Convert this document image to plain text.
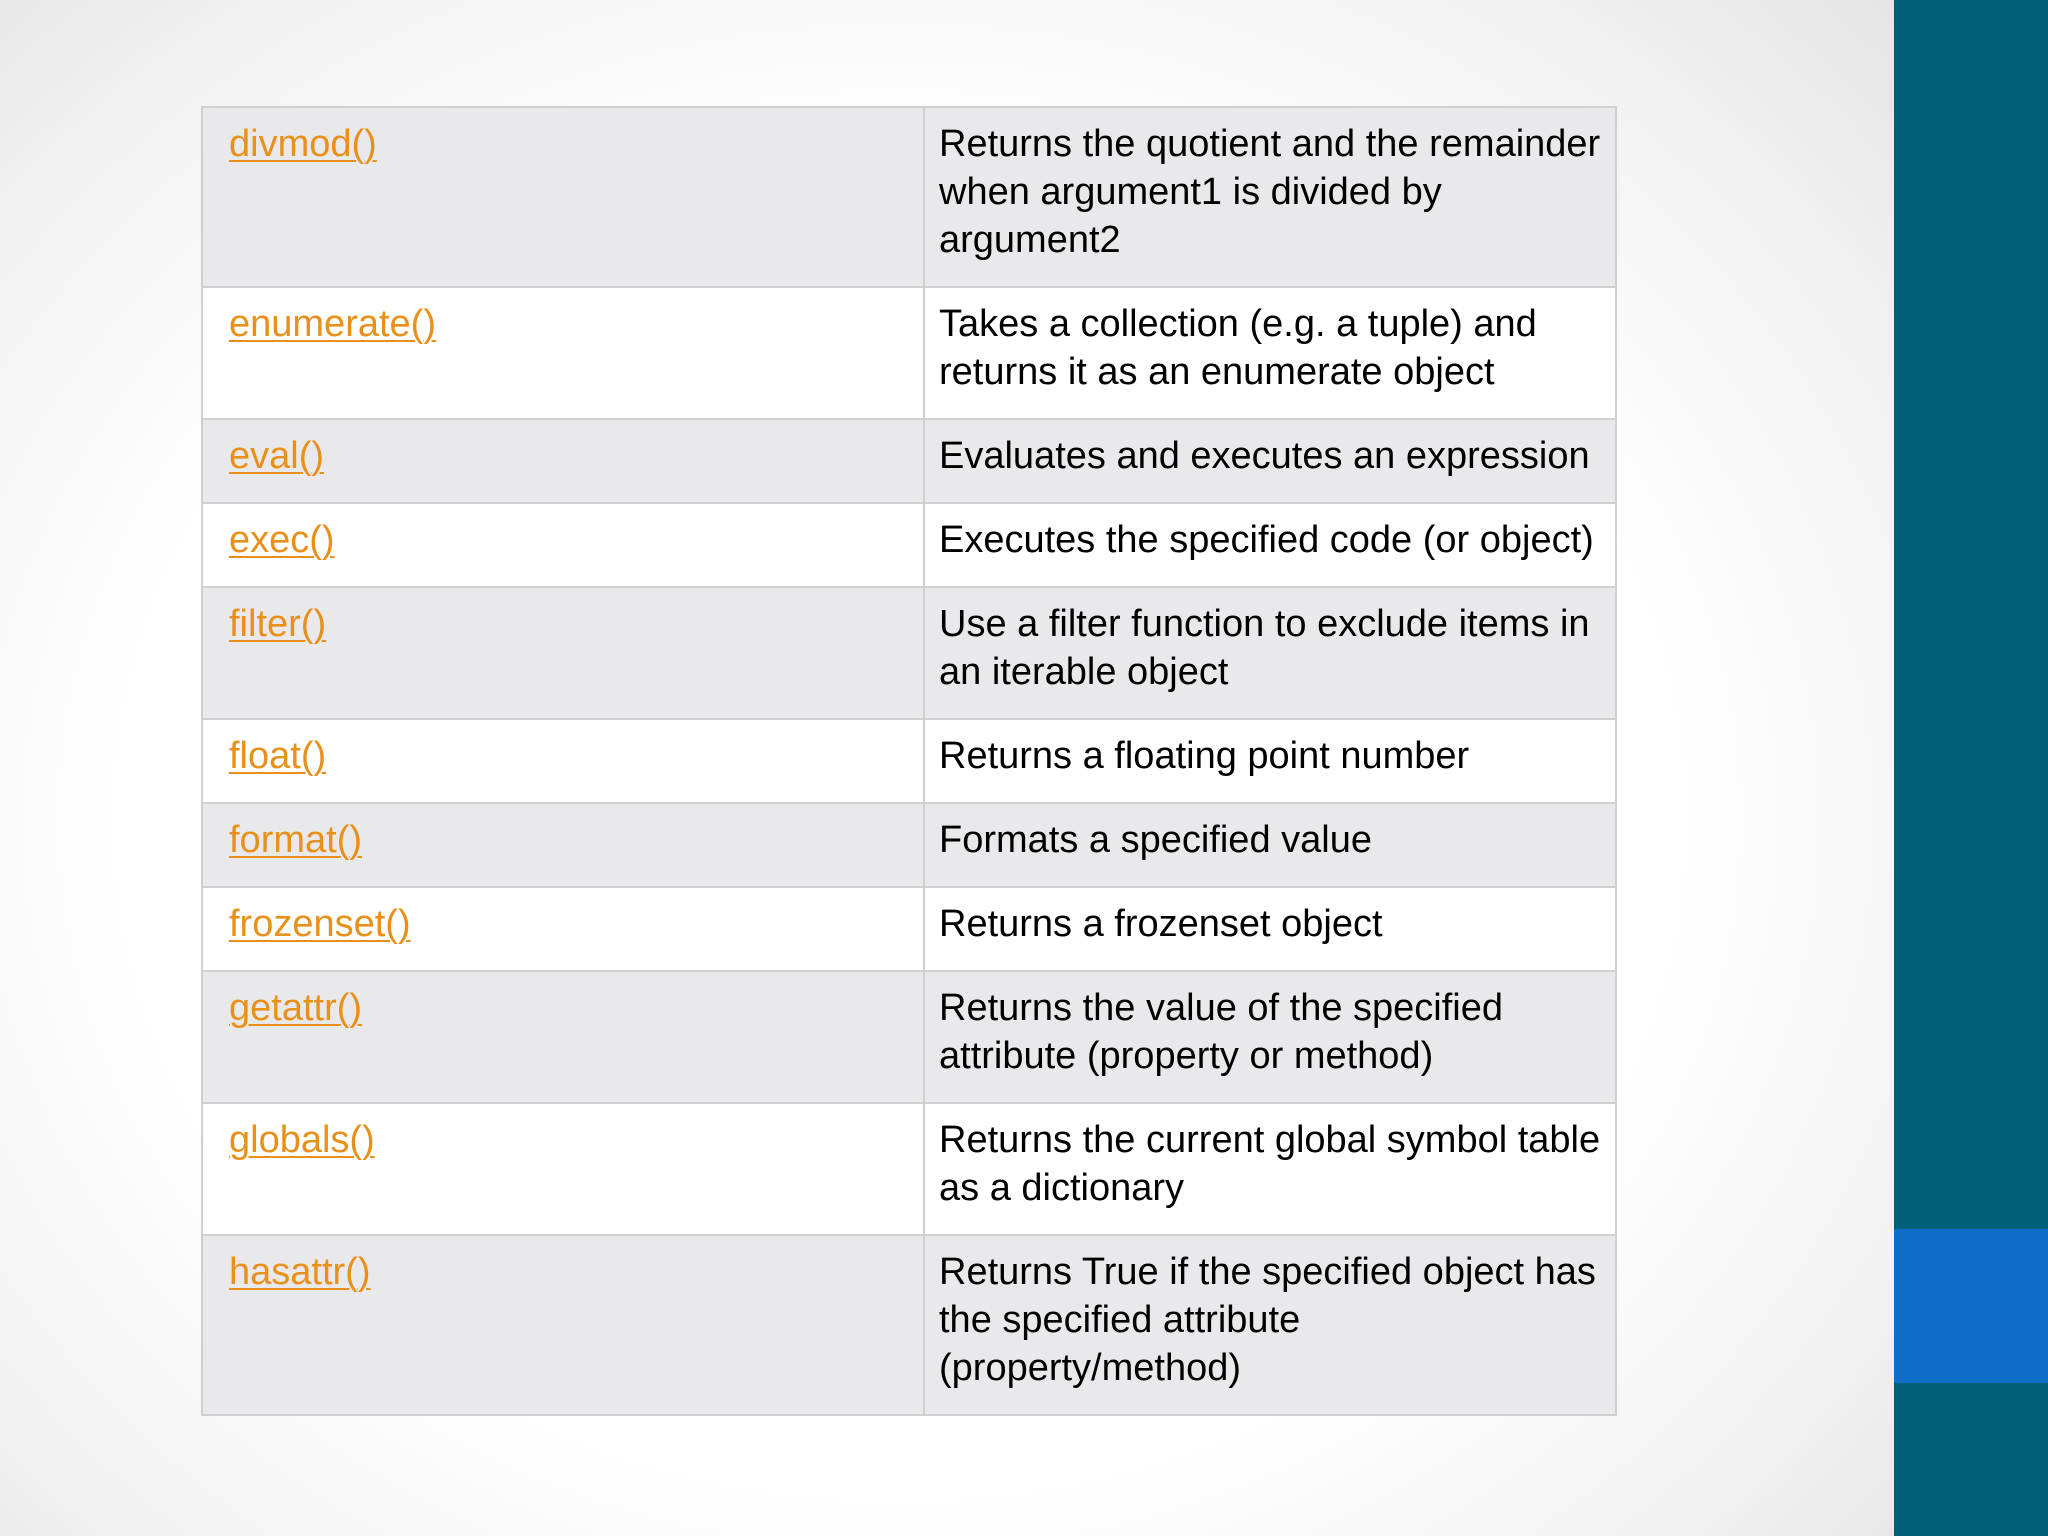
divmod()	Returns the quotient and the remainder when argument1 is divided by argument2
enumerate()	Takes a collection (e.g. a tuple) and returns it as an enumerate object
eval()	Evaluates and executes an expression
exec()	Executes the specified code (or object)
filter()	Use a filter function to exclude items in an iterable object
float()	Returns a floating point number
format()	Formats a specified value
frozenset()	Returns a frozenset object
getattr()	Returns the value of the specified attribute (property or method)
globals()	Returns the current global symbol table as a dictionary
hasattr()	Returns True if the specified object has the specified attribute (property/method)
